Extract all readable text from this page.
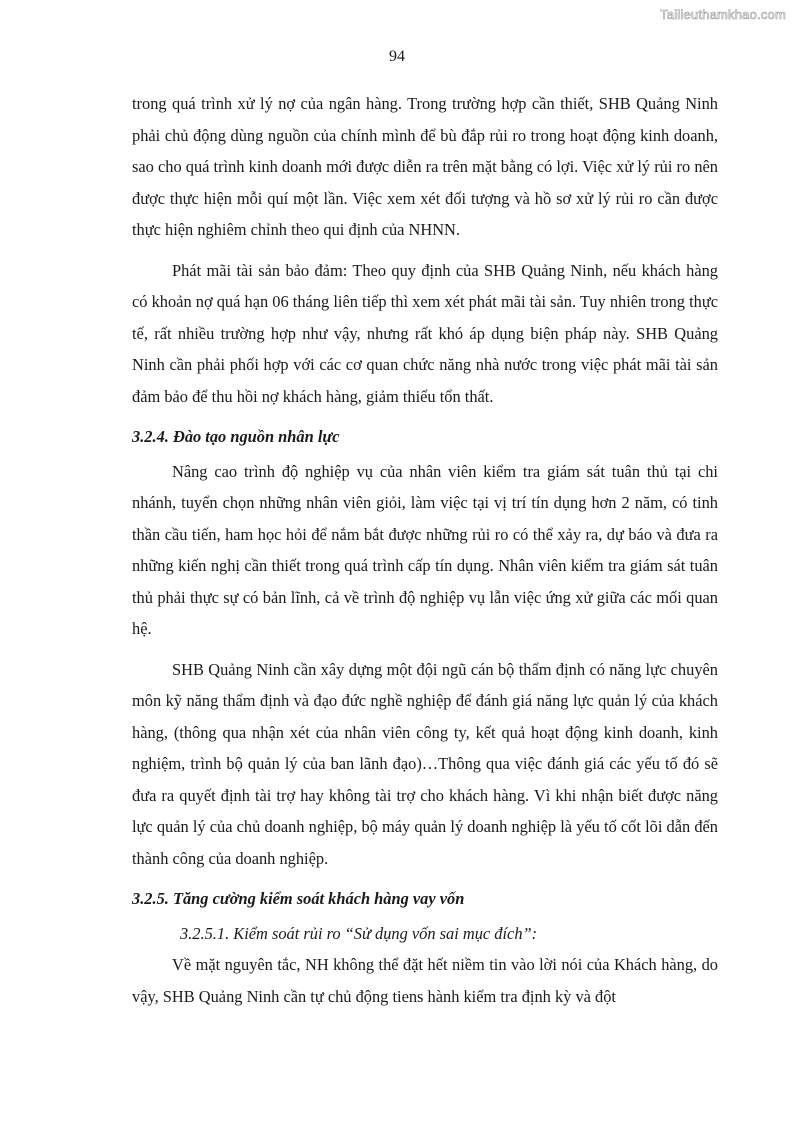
Tailieuthamkhao.com
94

trong quá trình xử lý nợ của ngân hàng. Trong trường hợp cần thiết, SHB Quảng Ninh phải chủ động dùng nguồn của chính mình để bù đắp rủi ro trong hoạt động kinh doanh, sao cho quá trình kinh doanh mới được diễn ra trên mặt bằng có lợi. Việc xử lý rủi ro nên được thực hiện mỗi quí một lần. Việc xem xét đối tượng và hồ sơ xử lý rủi ro cần được thực hiện nghiêm chỉnh theo qui định của NHNN.

Phát mãi tài sản bảo đảm: Theo quy định của SHB Quảng Ninh, nếu khách hàng có khoản nợ quá hạn 06 tháng liên tiếp thì xem xét phát mãi tài sản. Tuy nhiên trong thực tế, rất nhiều trường hợp như vậy, nhưng rất khó áp dụng biện pháp này. SHB Quảng Ninh cần phải phối hợp với các cơ quan chức năng nhà nước trong việc phát mãi tài sản đảm bảo để thu hồi nợ khách hàng, giảm thiểu tổn thất.

3.2.4. Đào tạo nguồn nhân lực

Nâng cao trình độ nghiệp vụ của nhân viên kiểm tra giám sát tuân thủ tại chi nhánh, tuyển chọn những nhân viên giỏi, làm việc tại vị trí tín dụng hơn 2 năm, có tinh thần cầu tiến, ham học hỏi để nắm bắt được những rủi ro có thể xảy ra, dự báo và đưa ra những kiến nghị cần thiết trong quá trình cấp tín dụng. Nhân viên kiểm tra giám sát tuân thủ phải thực sự có bản lĩnh, cả về trình độ nghiệp vụ lẫn việc ứng xử giữa các mối quan hệ.

SHB Quảng Ninh cần xây dựng một đội ngũ cán bộ thẩm định có năng lực chuyên môn kỹ năng thẩm định và đạo đức nghề nghiệp để đánh giá năng lực quản lý của khách hàng, (thông qua nhận xét của nhân viên công ty, kết quả hoạt động kinh doanh, kinh nghiệm, trình bộ quản lý của ban lãnh đạo)…Thông qua việc đánh giá các yếu tố đó sẽ đưa ra quyết định tài trợ hay không tài trợ cho khách hàng. Vì khi nhận biết được năng lực quản lý của chủ doanh nghiệp, bộ máy quản lý doanh nghiệp là yếu tố cốt lõi dẫn đến thành công của doanh nghiệp.

3.2.5. Tăng cường kiểm soát khách hàng vay vốn
3.2.5.1. Kiểm soát rủi ro “Sử dụng vốn sai mục đích”:

Về mặt nguyên tắc, NH không thể đặt hết niềm tin vào lời nói của Khách hàng, do vậy, SHB Quảng Ninh cần tự chủ động tiens hành kiểm tra định kỳ và đột
